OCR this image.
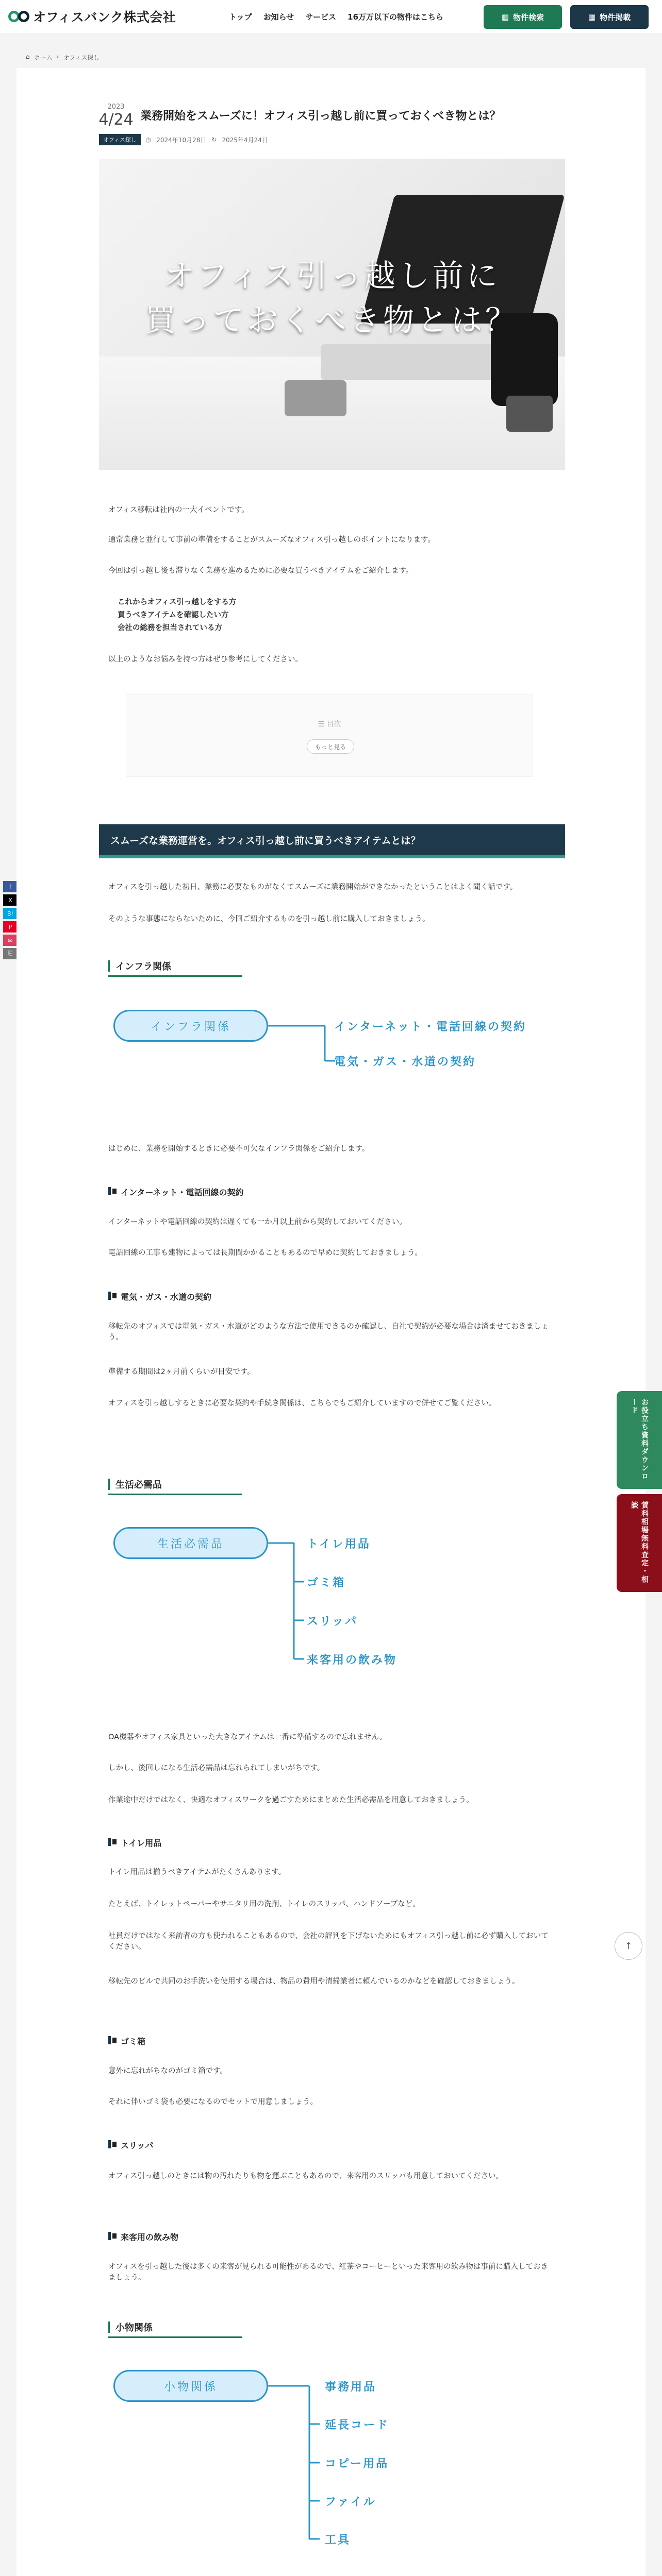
オフィスバンク株式会社	トップ お知らせ サービス 16万万以下の物件はこちら	▦ 物件検索	▦ 物件掲載
⌂ ホーム › オフィス探し
f
X
B!
P
✉
⎘
2023
4/24 業務開始をスムーズに！オフィス引っ越し前に買っておくべき物とは？
オフィス探し	◷ 2024年10月28日 ↻ 2025年4月24日
オフィス引っ越し前に
買っておくべき物とは？

オフィス移転は社内の一大イベントです。

通常業務と並行して事前の準備をすることがスムーズなオフィス引っ越しのポイントになります。

今回は引っ越し後も滞りなく業務を進めるために必要な買うべきアイテムをご紹介します。

これからオフィス引っ越しをする方

買うべきアイテムを確認したい方

会社の総務を担当されている方

以上のようなお悩みを持つ方はぜひ参考にしてください。

☰ 目次
もっと見る
スムーズな業務運営を。オフィス引っ越し前に買うべきアイテムとは？

オフィスを引っ越した初日、業務に必要なものがなくてスムーズに業務開始ができなかったということはよく聞く話です。

そのような事態にならないために、今回ご紹介するものを引っ越し前に購入しておきましょう。

インフラ関係
インフラ関係	インターネット・電話回線の契約
電気・ガス・水道の契約

はじめに、業務を開始するときに必要不可欠なインフラ関係をご紹介します。

インターネット・電話回線の契約

インターネットや電話回線の契約は遅くても一か月以上前から契約しておいてください。

電話回線の工事も建物によっては長期間かかることもあるので早めに契約しておきましょう。

電気・ガス・水道の契約

移転先のオフィスでは電気・ガス・水道がどのような方法で使用できるのか確認し、自社で契約が必要な場合は済ませておきましょう。

準備する期間は2ヶ月前くらいが目安です。

オフィスを引っ越しするときに必要な契約や手続き関係は、こちらでもご紹介していますので併せてご覧ください。

生活必需品
生活必需品	トイレ用品
ゴミ箱
スリッパ
来客用の飲み物

OA機器やオフィス家具といった大きなアイテムは一番に準備するので忘れません。

しかし、後回しになる生活必需品は忘れられてしまいがちです。

作業途中だけではなく、快適なオフィスワークを過ごすためにまとめた生活必需品を用意しておきましょう。

トイレ用品

トイレ用品は揃うべきアイテムがたくさんあります。

たとえば、トイレットペーパーやサニタリ用の洗剤、トイレのスリッパ、ハンドソープなど。

社員だけではなく来訪者の方も使われることもあるので、会社の評判を下げないためにもオフィス引っ越し前に必ず購入しておいてください。

移転先のビルで共同のお手洗いを使用する場合は、物品の費用や清掃業者に頼んでいるのかなどを確認しておきましょう。

ゴミ箱

意外に忘れがちなのがゴミ箱です。

それに伴いゴミ袋も必要になるのでセットで用意しましょう。

スリッパ

オフィス引っ越しのときには物の汚れたりも物を運ぶこともあるので、来客用のスリッパも用意しておいてください。

来客用の飲み物

オフィスを引っ越した後は多くの来客が見られる可能性があるので、紅茶やコーヒーといった来客用の飲み物は事前に購入しておきましょう。

小物関係
小物関係	事務用品
延長コード
コピー用品
ファイル
工具

お役立ち資料ダウンロード
賃料相場無料査定・相談
↑
